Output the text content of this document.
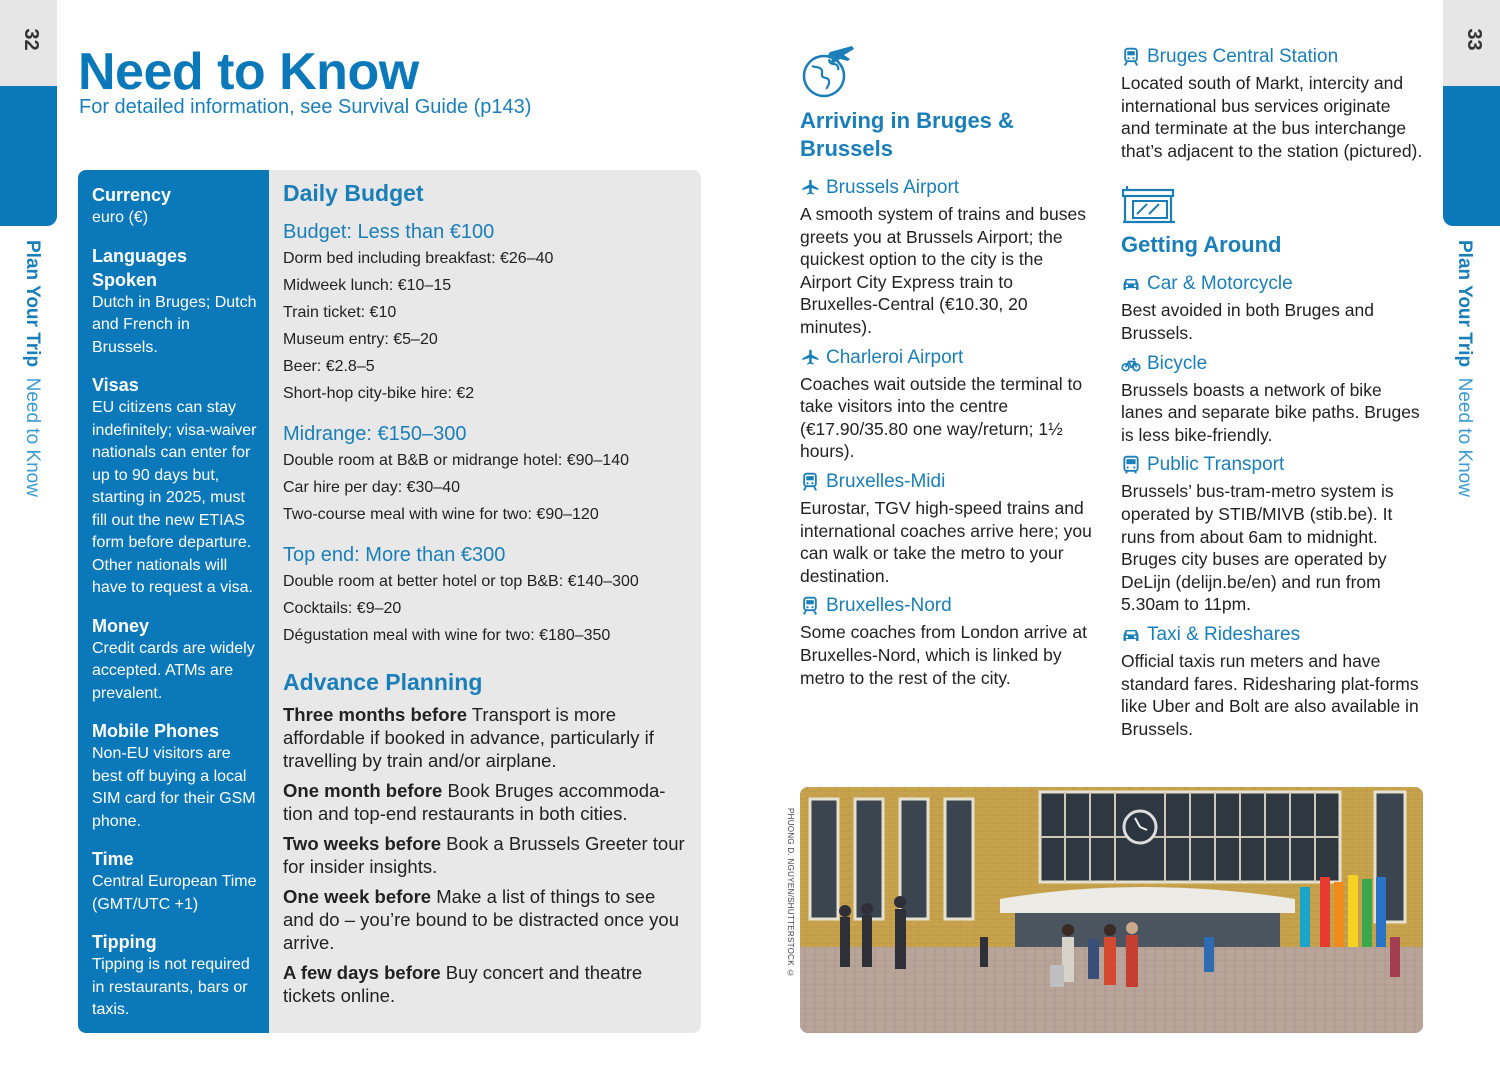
32
Plan Your Trip  Need to Know
33
Plan Your Trip  Need to Know
Need to Know
For detailed information, see Survival Guide (p143)
Currency
euro (€)
Languages Spoken
Dutch in Bruges; Dutch and French in Brussels.
Visas
EU citizens can stay indefinitely; visa-waiver nationals can enter for up to 90 days but, starting in 2025, must fill out the new ETIAS form before departure. Other nationals will have to request a visa.
Money
Credit cards are widely accepted. ATMs are prevalent.
Mobile Phones
Non-EU visitors are best off buying a local SIM card for their GSM phone.
Time
Central European Time (GMT/UTC +1)
Tipping
Tipping is not required in restaurants, bars or taxis.
Daily Budget
Budget: Less than €100
Dorm bed including breakfast: €26–40
Midweek lunch: €10–15
Train ticket: €10
Museum entry: €5–20
Beer: €2.8–5
Short-hop city-bike hire: €2
Midrange: €150–300
Double room at B&B or midrange hotel: €90–140
Car hire per day: €30–40
Two-course meal with wine for two: €90–120
Top end: More than €300
Double room at better hotel or top B&B: €140–300
Cocktails: €9–20
Dégustation meal with wine for two: €180–350
Advance Planning
Three months before Transport is more affordable if booked in advance, particularly if travelling by train and/or airplane.
One month before Book Bruges accommoda-tion and top-end restaurants in both cities.
Two weeks before Book a Brussels Greeter tour for insider insights.
One week before Make a list of things to see and do – you’re bound to be distracted once you arrive.
A few days before Buy concert and theatre tickets online.
Arriving in Bruges & Brussels
Brussels Airport
A smooth system of trains and buses greets you at Brussels Airport; the quickest option to the city is the Airport City Express train to Bruxelles-Central (€10.30, 20 minutes).
Charleroi Airport
Coaches wait outside the terminal to take visitors into the centre (€17.90/35.80 one way/return; 1½ hours).
Bruxelles-Midi
Eurostar, TGV high-speed trains and international coaches arrive here; you can walk or take the metro to your destination.
Bruxelles-Nord
Some coaches from London arrive at Bruxelles-Nord, which is linked by metro to the rest of the city.
Bruges Central Station
Located south of Markt, intercity and international bus services originate and terminate at the bus interchange that’s adjacent to the station (pictured).
Getting Around
Car & Motorcycle
Best avoided in both Bruges and Brussels.
Bicycle
Brussels boasts a network of bike lanes and separate bike paths. Bruges is less bike-friendly.
Public Transport
Brussels’ bus-tram-metro system is operated by STIB/MIVB (stib.be). It runs from about 6am to midnight. Bruges city buses are operated by DeLijn (delijn.be/en) and run from 5.30am to 11pm.
Taxi & Rideshares
Official taxis run meters and have standard fares. Ridesharing plat-forms like Uber and Bolt are also available in Brussels.
PHUONG D. NGUYEN/SHUTTERSTOCK ©
